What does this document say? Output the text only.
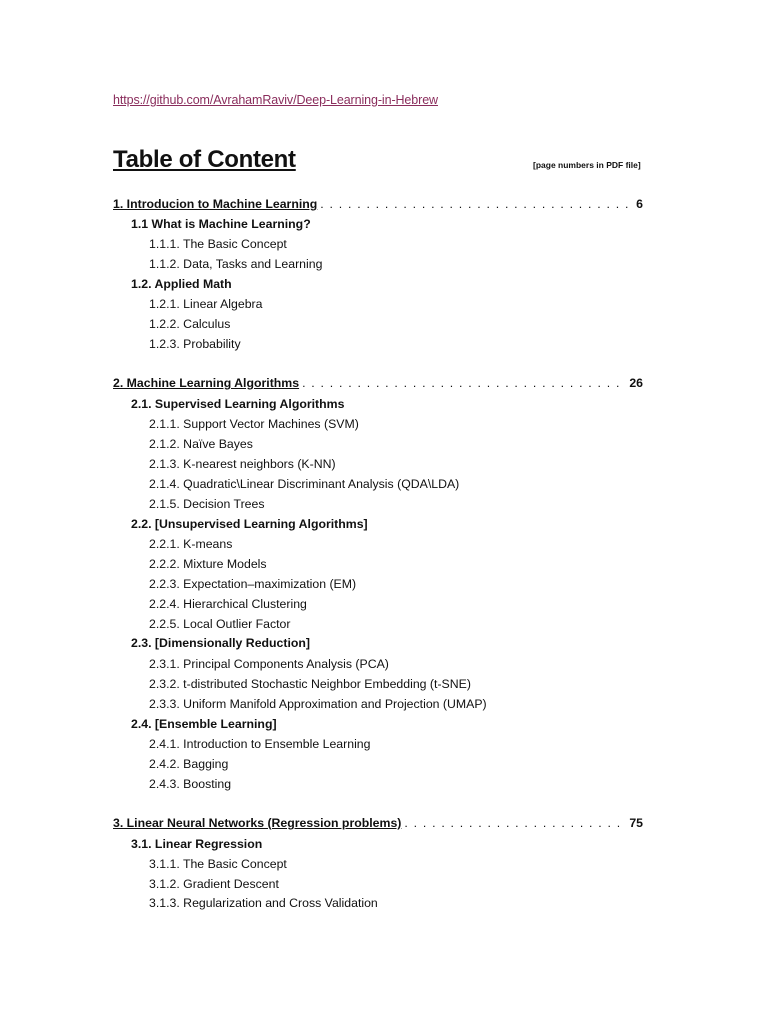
https://github.com/AvrahamRaviv/Deep-Learning-in-Hebrew
Table of Content	[page numbers in PDF file]
1. Introducion to Machine Learning . . .	6
1.1 What is Machine Learning?
1.1.1. The Basic Concept
1.1.2. Data, Tasks and Learning
1.2. Applied Math
1.2.1. Linear Algebra
1.2.2. Calculus
1.2.3. Probability
2. Machine Learning Algorithms . . .	26
2.1. Supervised Learning Algorithms
2.1.1. Support Vector Machines (SVM)
2.1.2. Naïve Bayes
2.1.3. K-nearest neighbors (K-NN)
2.1.4. Quadratic\Linear Discriminant Analysis (QDA\LDA)
2.1.5. Decision Trees
2.2. [Unsupervised Learning Algorithms]
2.2.1. K-means
2.2.2. Mixture Models
2.2.3. Expectation–maximization (EM)
2.2.4. Hierarchical Clustering
2.2.5. Local Outlier Factor
2.3. [Dimensionally Reduction]
2.3.1. Principal Components Analysis (PCA)
2.3.2. t-distributed Stochastic Neighbor Embedding (t-SNE)
2.3.3. Uniform Manifold Approximation and Projection (UMAP)
2.4. [Ensemble Learning]
2.4.1. Introduction to Ensemble Learning
2.4.2. Bagging
2.4.3. Boosting
3. Linear Neural Networks (Regression problems) . . .	75
3.1. Linear Regression
3.1.1. The Basic Concept
3.1.2. Gradient Descent
3.1.3. Regularization and Cross Validation
